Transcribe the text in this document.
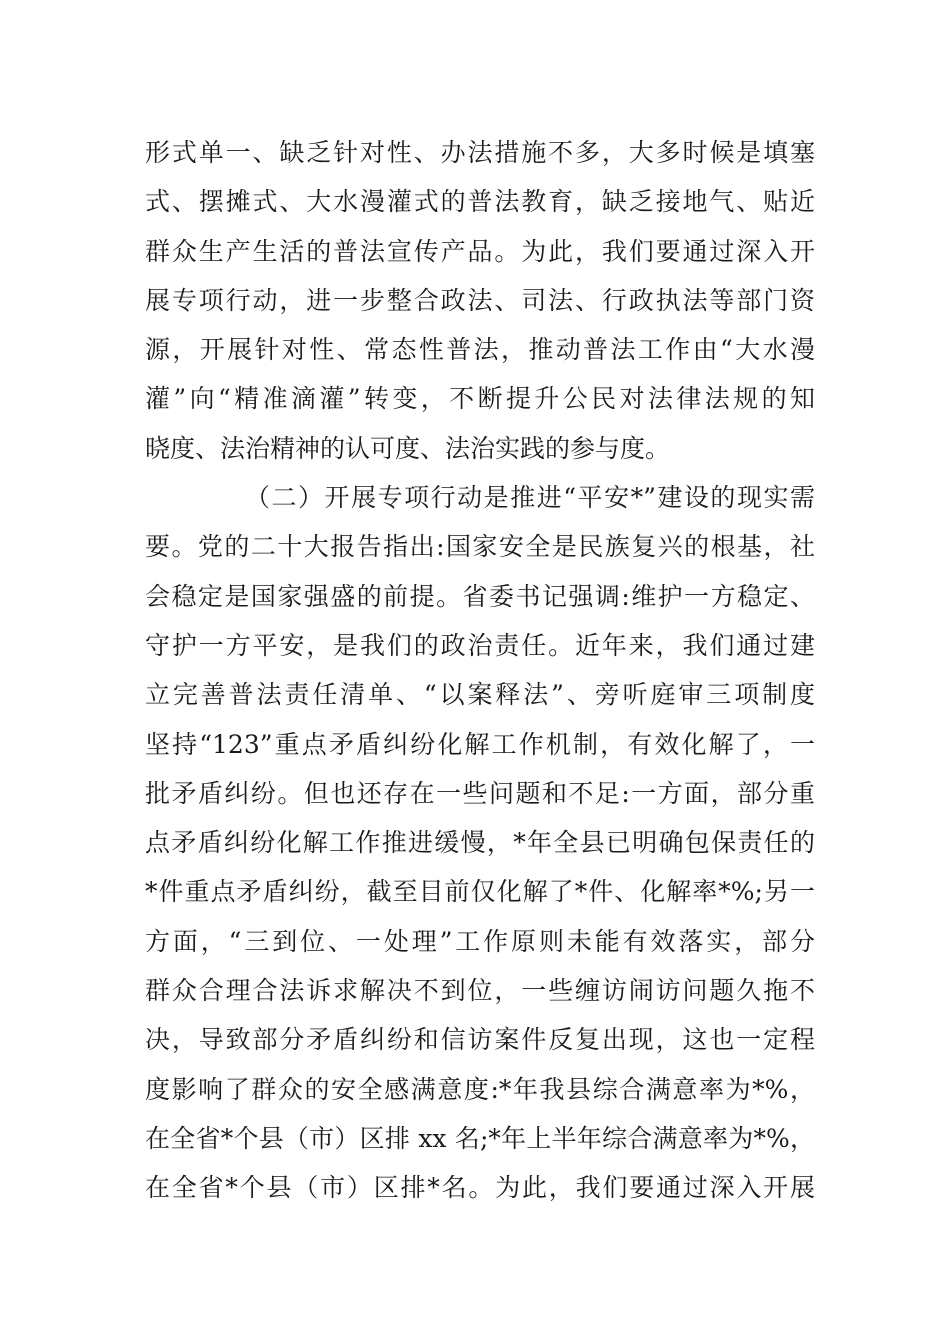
形式单一、缺乏针对性、办法措施不多，大多时候是填塞
式、摆摊式、大水漫灌式的普法教育，缺乏接地气、贴近
群众生产生活的普法宣传产品。为此，我们要通过深入开
展专项行动，进一步整合政法、司法、行政执法等部门资
源，开展针对性、常态性普法，推动普法工作由“大水漫
灌”向“精准滴灌”转变，不断提升公民对法律法规的知
晓度、法治精神的认可度、法治实践的参与度。
（二）开展专项行动是推进“平安*”建设的现实需
要。党的二十大报告指出:国家安全是民族复兴的根基，社
会稳定是国家强盛的前提。省委书记强调:维护一方稳定、
守护一方平安，是我们的政治责任。近年来，我们通过建
立完善普法责任清单、“以案释法”、旁听庭审三项制度
坚持“123”重点矛盾纠纷化解工作机制，有效化解了，一
批矛盾纠纷。但也还存在一些问题和不足:一方面，部分重
点矛盾纠纷化解工作推进缓慢，*年全县已明确包保责任的
*件重点矛盾纠纷，截至目前仅化解了*件、化解率*%;另一
方面，“三到位、一处理”工作原则未能有效落实，部分
群众合理合法诉求解决不到位，一些缠访闹访问题久拖不
决，导致部分矛盾纠纷和信访案件反复出现，这也一定程
度影响了群众的安全感满意度:*年我县综合满意率为*%，
在全省*个县（市）区排 xx 名;*年上半年综合满意率为*%，
在全省*个县（市）区排*名。为此，我们要通过深入开展
